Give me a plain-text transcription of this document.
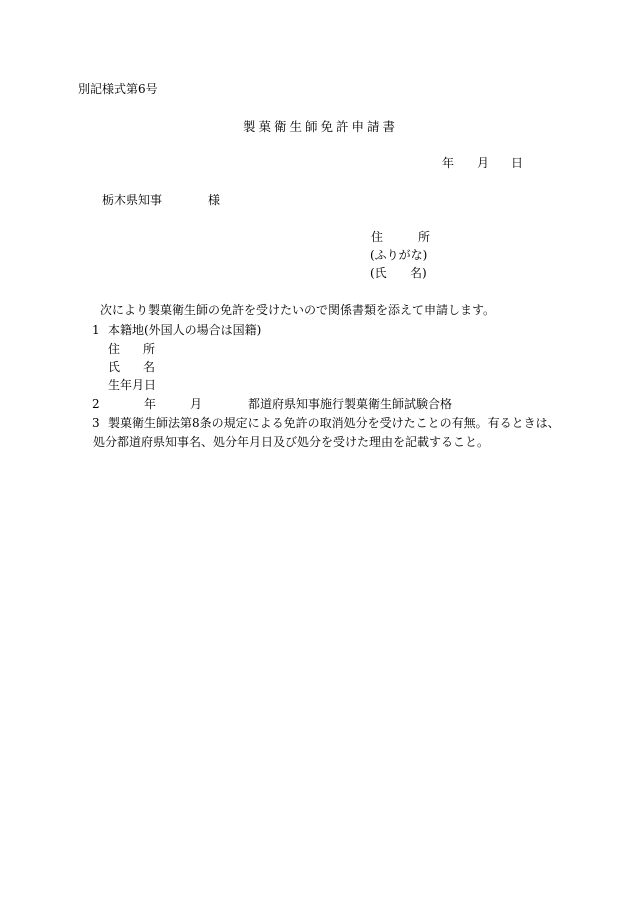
別記様式第6号
製菓衛生師免許申請書
年 月 日
栃木県知事	様
住	所
(ふりがな)
(氏 名)
次により製菓衛生師の免許を受けたいので関係書類を添えて申請します。
1 本籍地(外国人の場合は国籍)
住 所
氏 名
生年月日
2	年	月	都道府県知事施行製菓衛生師試験合格
3 製菓衛生師法第8条の規定による免許の取消処分を受けたことの有無。有るときは、
処分都道府県知事名、処分年月日及び処分を受けた理由を記載すること。
